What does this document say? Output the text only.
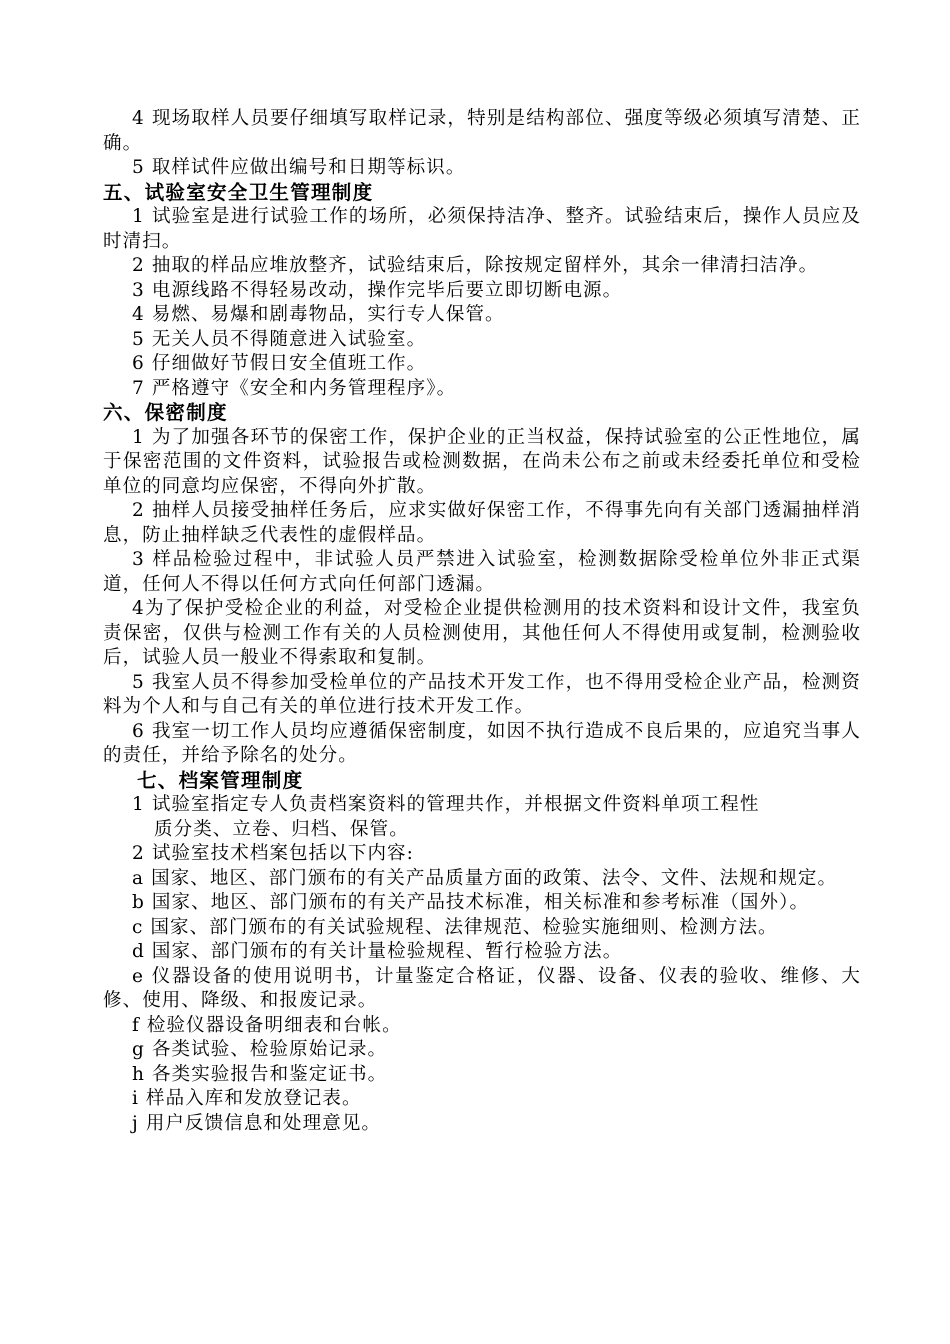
4 现场取样人员要仔细填写取样记录，特别是结构部位、强度等级必须填写清楚、正确。

5 取样试件应做出编号和日期等标识。

五、试验室安全卫生管理制度

1 试验室是进行试验工作的场所，必须保持洁净、整齐。试验结束后，操作人员应及时清扫。

2 抽取的样品应堆放整齐，试验结束后，除按规定留样外，其余一律清扫洁净。

3 电源线路不得轻易改动，操作完毕后要立即切断电源。

4 易燃、易爆和剧毒物品，实行专人保管。

5 无关人员不得随意进入试验室。

6 仔细做好节假日安全值班工作。

7 严格遵守《安全和内务管理程序》。

六、保密制度

1 为了加强各环节的保密工作，保护企业的正当权益，保持试验室的公正性地位，属于保密范围的文件资料，试验报告或检测数据，在尚未公布之前或未经委托单位和受检单位的同意均应保密，不得向外扩散。

2 抽样人员接受抽样任务后，应求实做好保密工作，不得事先向有关部门透漏抽样消息，防止抽样缺乏代表性的虚假样品。

3 样品检验过程中，非试验人员严禁进入试验室，检测数据除受检单位外非正式渠道，任何人不得以任何方式向任何部门透漏。

4为了保护受检企业的利益，对受检企业提供检测用的技术资料和设计文件，我室负责保密，仅供与检测工作有关的人员检测使用，其他任何人不得使用或复制，检测验收后，试验人员一般业不得索取和复制。

5 我室人员不得参加受检单位的产品技术开发工作，也不得用受检企业产品，检测资料为个人和与自己有关的单位进行技术开发工作。

6 我室一切工作人员均应遵循保密制度，如因不执行造成不良后果的，应追究当事人的责任，并给予除名的处分。

七、档案管理制度

1 试验室指定专人负责档案资料的管理共作，并根据文件资料单项工程性
质分类、立卷、归档、保管。

2 试验室技术档案包括以下内容:

a 国家、地区、部门颁布的有关产品质量方面的政策、法令、文件、法规和规定。

b 国家、地区、部门颁布的有关产品技术标准，相关标准和参考标准（国外）。

c 国家、部门颁布的有关试验规程、法律规范、检验实施细则、检测方法。

d 国家、部门颁布的有关计量检验规程、暂行检验方法。

e 仪器设备的使用说明书，计量鉴定合格证，仪器、设备、仪表的验收、维修、大修、使用、降级、和报废记录。

f 检验仪器设备明细表和台帐。

g 各类试验、检验原始记录。

h 各类实验报告和鉴定证书。

i 样品入库和发放登记表。

j 用户反馈信息和处理意见。
